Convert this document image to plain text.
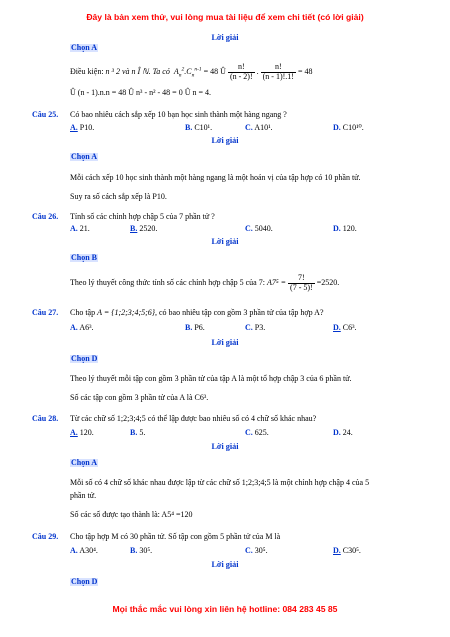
Đây là bản xem thử, vui lòng mua tài liệu để xem chi tiết (có lời giải)
Lời giải
Chọn A
Điều kiện: n ³ 2 và n Î ℕ. Ta có $A_n^2.C_n^{n-1} = 48$ Û $\frac{n!}{(n - 2)!}$ . $\frac{n!}{(n - 1)!.1!} = 48$
Û (n - 1).n.n = 48 Û n³ - n² - 48 = 0 Û n = 4.
Câu 25. Có bao nhiêu cách sắp xếp 10 bạn học sinh thành một hàng ngang ?
A. P10.	B. C10¹.	C. A10¹.	D. C10¹⁰.
Lời giải
Chọn A
Mỗi cách xếp 10 học sinh thành một hàng ngang là một hoán vị của tập hợp có 10 phần tử.
Suy ra số cách sắp xếp là P10.
Câu 26. Tính số các chỉnh hợp chập 5 của 7 phần tử ?
A. 21.	B. 2520.	C. 5040.	D. 120.
Lời giải
Chọn B
Theo lý thuyết công thức tính số các chỉnh hợp chập 5 của 7: $A7^5 = \frac{7!}{(7 - 5)!} =2520$.
Câu 27. Cho tập A = {1;2;3;4;5;6}, có bao nhiêu tập con gồm 3 phần tử của tập hợp A?
A. A6³.	B. P6.	C. P3.	D. C6³.
Lời giải
Chọn D
Theo lý thuyết mỗi tập con gồm 3 phần tử của tập A là một tổ hợp chập 3 của 6 phần tử.
Số các tập con gồm 3 phần tử của A là C6³.
Câu 28. Từ các chữ số 1;2;3;4;5 có thể lập được bao nhiêu số có 4 chữ số khác nhau?
A. 120.	B. 5.	C. 625.	D. 24.
Lời giải
Chọn A
Mỗi số có 4 chữ số khác nhau được lập từ các chữ số 1;2;3;4;5 là một chỉnh hợp chập 4 của 5
phần tử.
Số các số được tạo thành là: A5⁴ =120
Câu 29. Cho tập hợp M có 30 phần tử. Số tập con gồm 5 phần tử của M là
A. A30⁴.	B. 30⁵.	C. 30⁵.	D. C30⁵.
Lời giải
Chọn D
Mọi thắc mắc vui lòng xin liên hệ hotline: 084 283 45 85
